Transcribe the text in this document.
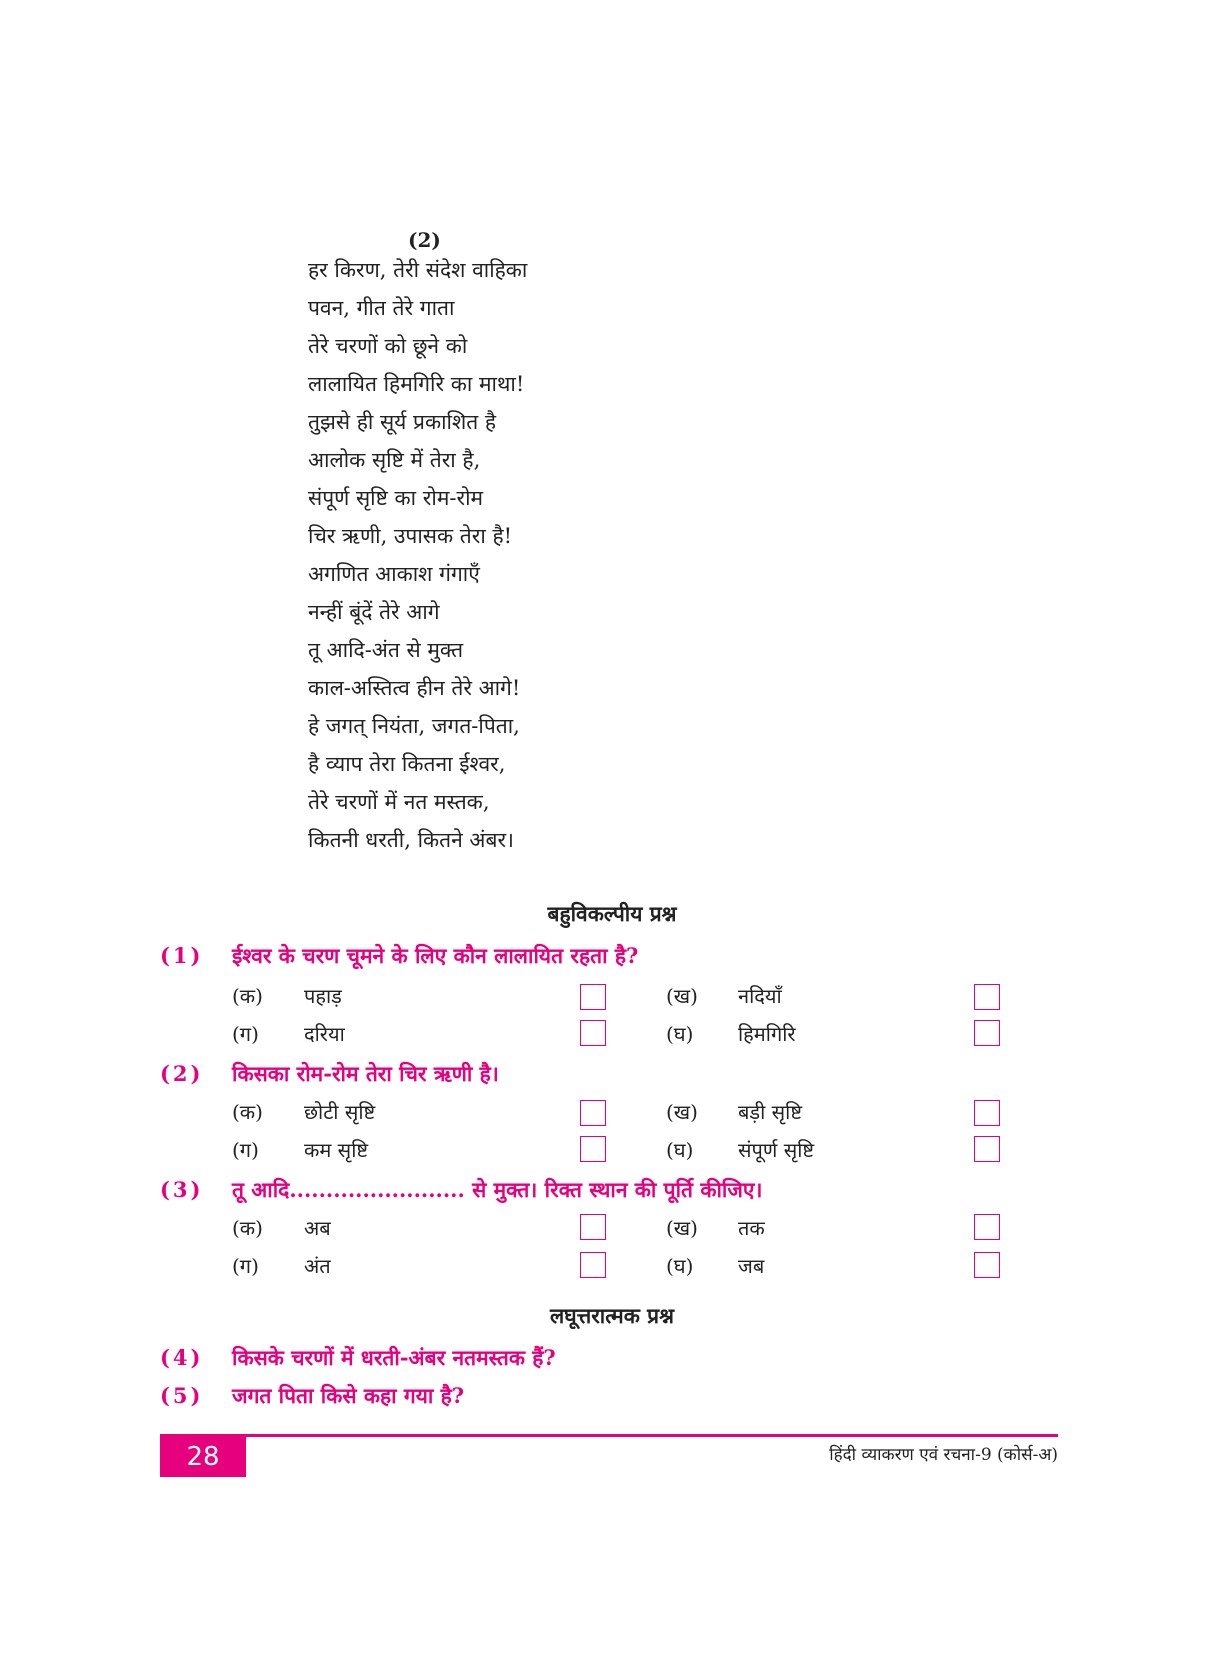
(2)
हर किरण, तेरी संदेश वाहिका
पवन, गीत तेरे गाता
तेरे चरणों को छूने को
लालायित हिमगिरि का माथा!
तुझसे ही सूर्य प्रकाशित है
आलोक सृष्टि में तेरा है,
संपूर्ण सृष्टि का रोम-रोम
चिर ऋणी, उपासक तेरा है!
अगणित आकाश गंगाएँ
नन्हीं बूंदें तेरे आगे
तू आदि-अंत से मुक्त
काल-अस्तित्व हीन तेरे आगे!
हे जगत् नियंता, जगत-पिता,
है व्याप तेरा कितना ईश्वर,
तेरे चरणों में नत मस्तक,
कितनी धरती, कितने अंबर।
बहुविकल्पीय प्रश्न
(1) ईश्वर के चरण चूमने के लिए कौन लालायित रहता है?
(क) पहाड़	(ख) नदियाँ
(ग) दरिया	(घ) हिमगिरि
(2) किसका रोम-रोम तेरा चिर ऋणी है।
(क) छोटी सृष्टि	(ख) बड़ी सृष्टि
(ग) कम सृष्टि	(घ) संपूर्ण सृष्टि
(3) तू आदि........................ से मुक्त। रिक्त स्थान की पूर्ति कीजिए।
(क) अब	(ख) तक
(ग) अंत	(घ) जब
लघूत्तरात्मक प्रश्न
(4) किसके चरणों में धरती-अंबर नतमस्तक हैं?
(5) जगत पिता किसे कहा गया है?
28	हिंदी व्याकरण एवं रचना-9 (कोर्स-अ)
